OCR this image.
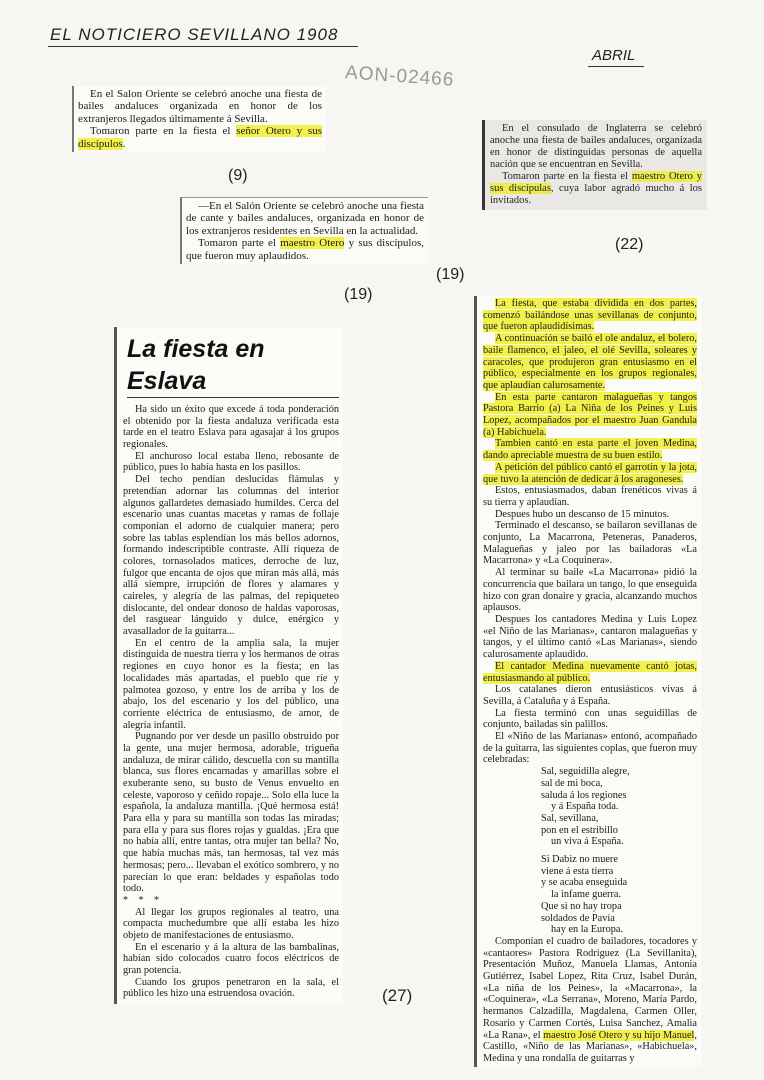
EL NOTICIERO SEVILLANO 1908
ABRIL
AON-02466

En el Salon Oriente se celebró anoche una fiesta de bailes andaluces organizada en honor de los extranjeros llegados últimamente á Sevilla.

Tomaron parte en la fiesta el señor Otero y sus discípulos.

(9)

—En el Salón Oriente se celebró anoche una fiesta de cante y bailes andaluces, organizada en honor de los extranjeros residentes en Sevilla en la actualidad.

Tomaron parte el maestro Otero y sus discípulos, que fueron muy aplaudidos.

(19)
(19)

En el consulado de Inglaterra se celebró anoche una fiesta de bailes andaluces, organizada en honor de distinguidas personas de aquella nación que se encuentran en Sevilla.

Tomaron parte en la fiesta el maestro Otero y sus discípulas, cuya labor agradó mucho á los invitados.

(22)
La fiesta en Eslava

Ha sido un éxito que excede á toda ponderación el obtenido por la fiesta andaluza verificada esta tarde en el teatro Eslava para agasajar á los grupos regionales.

El anchuroso local estaba lleno, rebosante de público, pues lo había hasta en los pasillos.

Del techo pendían deslucidas flámulas y pretendían adornar las columnas del interior algunos gallardetes demasiado humildes. Cerca del escenario unas cuantas macetas y ramas de follaje componían el adorno de cualquier manera; pero sobre las tablas esplendían los más bellos adornos, formando indescriptible contraste. Allí riqueza de colores, tornasolados matices, derroche de luz, fulgor que encanta de ojos que miran más allá, más allá siempre, irrupción de flores y alamares y caireles, y alegría de las palmas, del repiqueteo dislocante, del ondear donoso de haldas vaporosas, del rasguear lánguido y dulce, enérgico y avasallador de la guitarra...

En el centro de la amplia sala, la mujer distinguida de nuestra tierra y los hermanos de otras regiones en cuyo honor es la fiesta; en las localidades más apartadas, el pueblo que ríe y palmotea gozoso, y entre los de arriba y los de abajo, los del escenario y los del público, una corriente eléctrica de entusiasmo, de amor, de alegría infantil.

Pugnando por ver desde un pasillo obstruido por la gente, una mujer hermosa, adorable, trigueña andaluza, de mirar cálido, descuella con su mantilla blanca, sus flores encarnadas y amarillas sobre el exuberante seno, su busto de Venus envuelto en celeste, vaporoso y ceñido ropaje... Solo ella luce la española, la andaluza mantilla. ¡Qué hermosa está! Para ella y para su mantilla son todas las miradas; para ella y para sus flores rojas y gualdas. ¡Era que no había allí, entre tantas, otra mujer tan bella? No, que había muchas más, tan hermosas, tal vez más hermosas; pero... llevaban el exótico sombrero, y no parecían lo que eran: beldades y españolas todo todo.

* * *

Al llegar los grupos regionales al teatro, una compacta muchedumbre que allí estaba les hizo objeto de manifestaciones de entusiasmo.

En el escenario y á la altura de las bambalinas, habían sido colocados cuatro focos eléctricos de gran potencia.

Cuando los grupos penetraron en la sala, el público les hizo una estruendosa ovación.	(27)

La fiesta, que estaba dividida en dos partes, comenzó bailándose unas sevillanas de conjunto, que fueron aplaudidísimas.

A continuación se bailó el ole andaluz, el bolero, baile flamenco, el jaleo, el olé Sevilla, soleares y caracoles, que produjeron gran entusiasmo en el público, especialmente en los grupos regionales, que aplaudían calurosamente.

En esta parte cantaron malagueñas y tangos Pastora Barrio (a) La Niña de los Peines y Luis Lopez, acompañados por el maestro Juan Gandula (a) Habichuela.

Tambien cantó en esta parte el joven Medina, dando apreciable muestra de su buen estilo.

A petición del público cantó el garrotín y la jota, que tuvo la atención de dedicar á los aragoneses.

Estos, entusiasmados, daban frenéticos vivas á su tierra y aplaudían.

Despues hubo un descanso de 15 minutos.

Terminado el descanso, se bailaron sevillanas de conjunto, La Macarrona, Peteneras, Panaderos, Malagueñas y jaleo por las bailadoras «La Macarrona» y «La Coquinera».

Al terminar su baile «La Macarrona» pidió la concurrencia que bailara un tango, lo que enseguida hizo con gran donaire y gracia, alcanzando muchos aplausos.

Despues los cantadores Medina y Luis Lopez «el Niño de las Marianas», cantaron malagueñas y tangos, y el último cantó «Las Marianas», siendo calurosamente aplaudido.

El cantador Medina nuevamente cantó jotas, entusiasmando al público.

Los catalanes dieron entusiásticos vivas á Sevilla, á Cataluña y á España.

La fiesta terminó con unas seguidillas de conjunto, bailadas sin palillos.

El «Niño de las Marianas» entonó, acompañado de la guitarra, las siguientes coplas, que fueron muy celebradas:

Sal, seguidilla alegre,

sal de mi boca,

saluda á los regiones

y á España toda.

Sal, sevillana,

pon en el estribillo

un viva á España.

Si Dabiz no muere

viene á esta tierra

y se acaba enseguida

la infame guerra.

Que si no hay tropa

soldados de Pavía

hay en la Europa.

Componían el cuadro de bailadores, tocadores y «cantaores» Pastora Rodriguez (La Sevillanita), Presentación Muñoz, Manuela Llamas, Antonia Gutiérrez, Isabel Lopez, Rita Cruz, Isabel Durán, «La niña de los Peines», la «Macarrona», la «Coquinera», «La Serrana», Moreno, María Pardo, hermanos Calzadilla, Magdalena, Carmen Oller, Rosario y Carmen Cortés, Luisa Sanchez, Amalia «La Rana», el maestro José Otero y su hijo Manuel, Castillo, «Niño de las Marianas», «Habichuela», Medina y una rondalla de guitarras y
